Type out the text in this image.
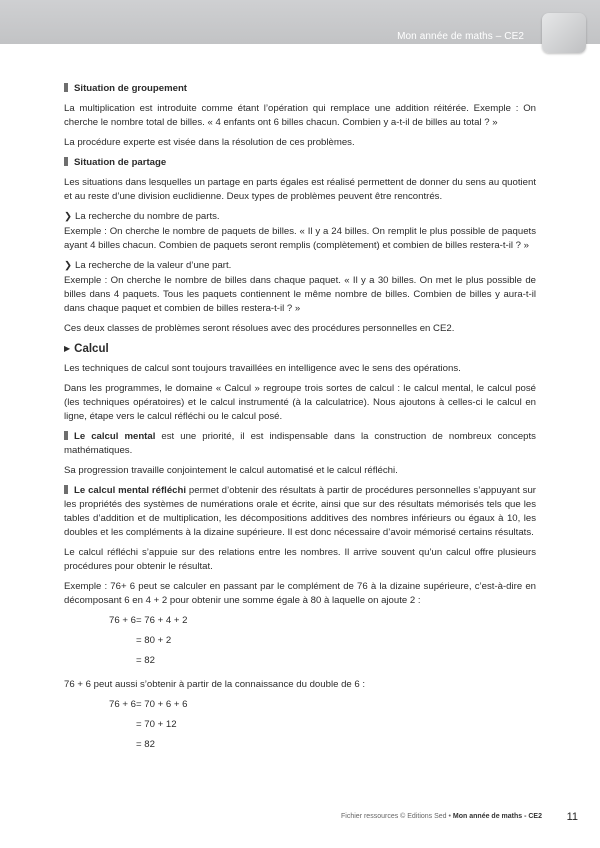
Mon année de maths – CE2

Situation de groupement

La multiplication est introduite comme étant l’opération qui remplace une addition réitérée. Exemple : On cherche le nombre total de billes. « 4 enfants ont 6 billes chacun. Combien y a-t-il de billes au total ? »

La procédure experte est visée dans la résolution de ces problèmes.

Situation de partage

Les situations dans lesquelles un partage en parts égales est réalisé permettent de donner du sens au quotient et au reste d’une division euclidienne. Deux types de problèmes peuvent être rencontrés.

❯ La recherche du nombre de parts.

Exemple : On cherche le nombre de paquets de billes. « Il y a 24 billes. On remplit le plus possible de paquets ayant 4 billes chacun. Combien de paquets seront remplis (complètement) et combien de billes restera-t-il ? »

❯ La recherche de la valeur d’une part.

Exemple : On cherche le nombre de billes dans chaque paquet. « Il y a 30 billes. On met le plus possible de billes dans 4 paquets. Tous les paquets contiennent le même nombre de billes. Combien de billes y aura-t-il dans chaque paquet et combien de billes restera-t-il ? »

Ces deux classes de problèmes seront résolues avec des procédures personnelles en CE2.

▶ Calcul

Les techniques de calcul sont toujours travaillées en intelligence avec le sens des opérations.

Dans les programmes, le domaine « Calcul » regroupe trois sortes de calcul : le calcul mental, le calcul posé (les techniques opératoires) et le calcul instrumenté (à la calculatrice). Nous ajoutons à celles-ci le calcul en ligne, étape vers le calcul réfléchi ou le calcul posé.

Le calcul mental est une priorité, il est indispensable dans la construction de nombreux concepts mathématiques.

Sa progression travaille conjointement le calcul automatisé et le calcul réfléchi.

Le calcul mental réfléchi permet d’obtenir des résultats à partir de procédures personnelles s’appuyant sur les propriétés des systèmes de numérations orale et écrite, ainsi que sur des résultats mémorisés tels que les tables d’addition et de multiplication, les décompositions additives des nombres inférieurs ou égaux à 10, les doubles et les compléments à la dizaine supérieure. Il est donc nécessaire d’avoir mémorisé certains résultats.

Le calcul réfléchi s’appuie sur des relations entre les nombres. Il arrive souvent qu’un calcul offre plusieurs procédures pour obtenir le résultat.

Exemple : 76+ 6 peut se calculer en passant par le complément de 76 à la dizaine supérieure, c’est-à-dire en décomposant 6 en 4 + 2 pour obtenir une somme égale à 80 à laquelle on ajoute 2 :

76 + 6 = 76 + 4 + 2
= 80 + 2
= 82

76 + 6 peut aussi s’obtenir à partir de la connaissance du double de 6 :

76 + 6 = 70 + 6 + 6
= 70 + 12
= 82
Fichier ressources © Editions Sed • Mon année de maths - CE2 11
